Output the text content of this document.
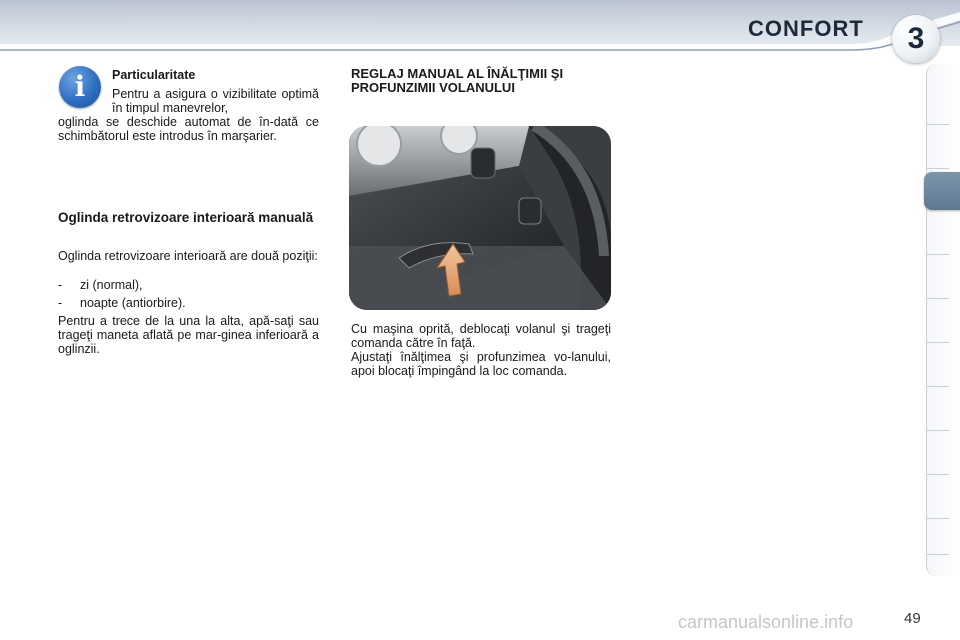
CONFORT 3
i	Particularitate
Pentru a asigura o vizibilitate optimă în timpul manevrelor,
oglinda se deschide automat de în-dată ce schimbătorul este introdus în marşarier.
Oglinda retrovizoare interioară manuală
Oglinda retrovizoare interioară are două poziţii:
- zi (normal),
- noapte (antiorbire).
Pentru a trece de la una la alta, apă-saţi sau trageţi maneta aflată pe mar-ginea inferioară a oglinzii.
REGLAJ MANUAL AL ÎNĂLŢIMII ŞI PROFUNZIMII VOLANULUI
Cu maşina oprită, deblocaţi volanul şi trageţi comanda către în faţă.
Ajustaţi înălţimea şi profunzimea vo-lanului, apoi blocaţi împingând la loc comanda.
carmanualsonline.info	49
